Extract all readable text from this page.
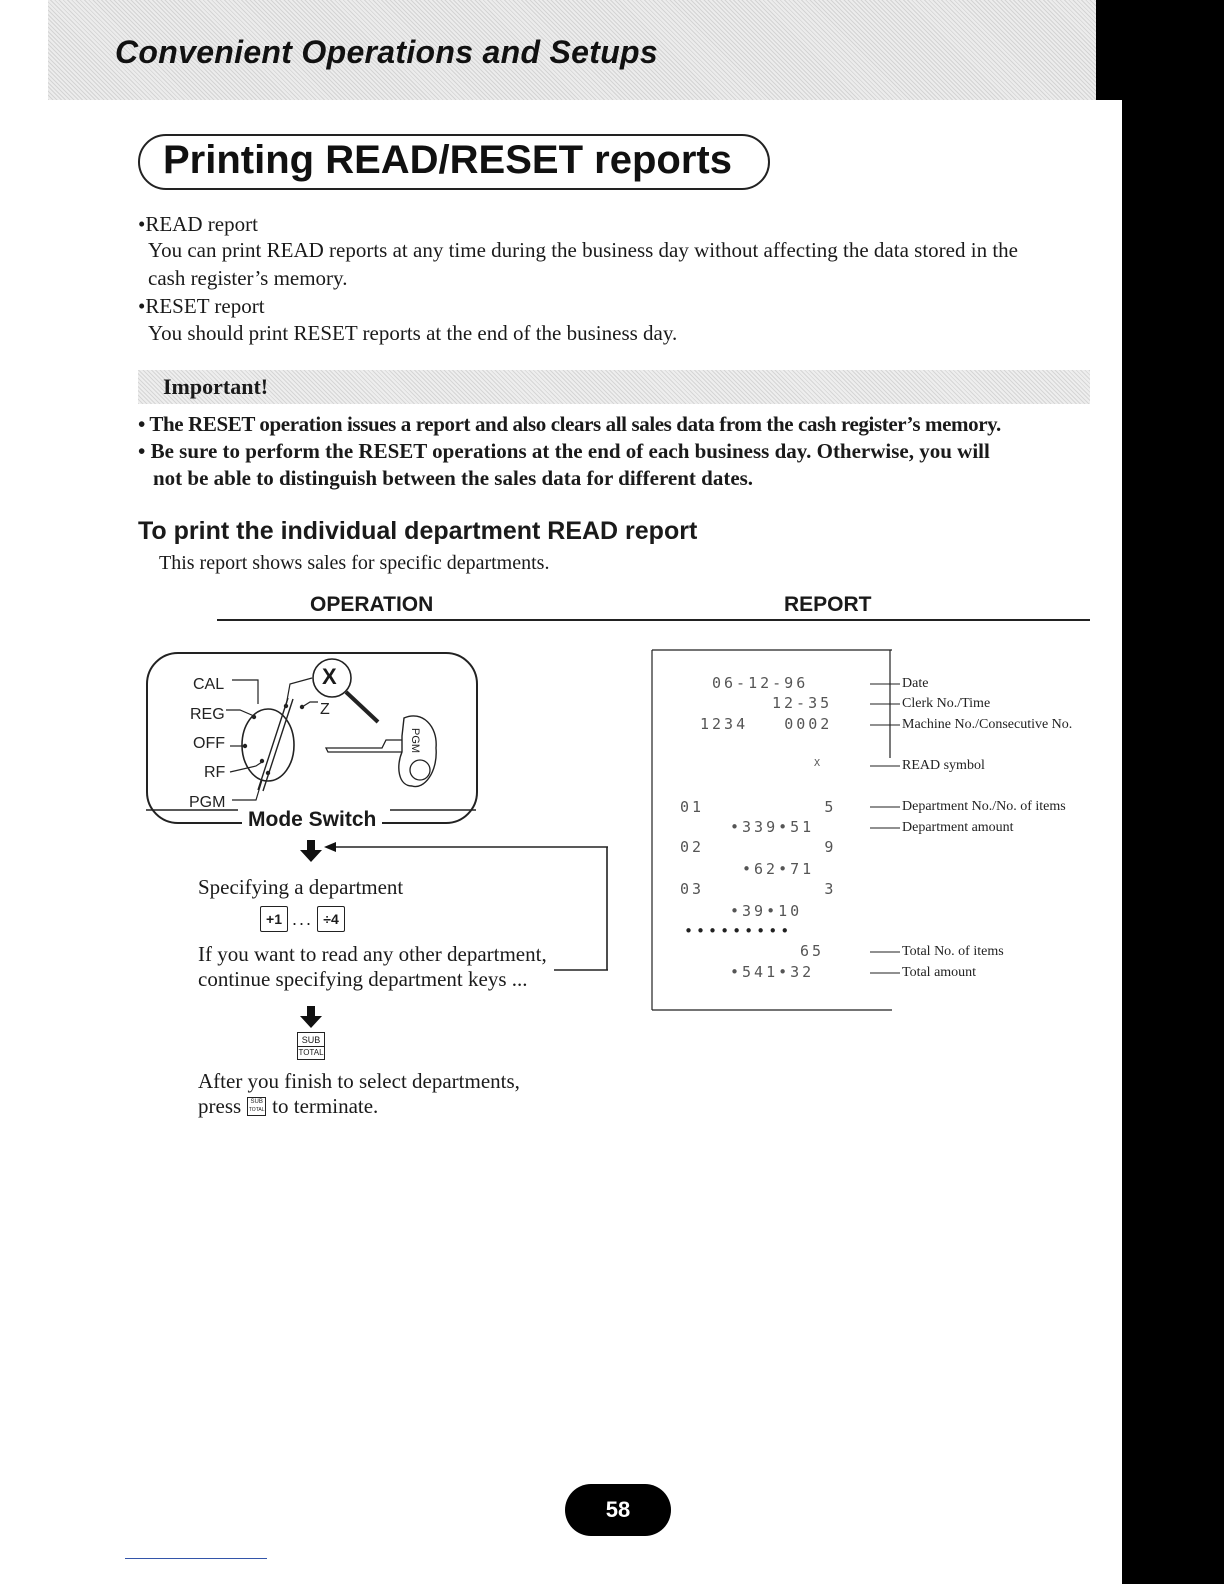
Convenient Operations and Setups
Printing READ/RESET reports
•READ report
You can print READ reports at any time during the business day without affecting the data stored in the
cash register’s memory.
•RESET report
You should print RESET reports at the end of the business day.
Important!
• The RESET operation issues a report and also clears all sales data from the cash register’s memory.
• Be sure to perform the RESET operations at the end of each business day. Otherwise, you will
not be able to distinguish between the sales data for different dates.
To print the individual department READ report
This report shows sales for specific departments.
OPERATION	REPORT
PGM
CAL
REG
OFF
RF
PGM
X
Z
Mode Switch
Specifying a department
+1 ... ÷4
If you want to read any other department,
continue specifying department keys ...
SUB
TOTAL
After you finish to select departments,
press	SUB
TOTAL to terminate.
06-12-96
12-35
1234   0002
X
01          5
•339•51
02          9
•62•71
03          3
•39•10
•••••••••
65
•541•32
Date
Clerk No./Time
Machine No./Consecutive No.
READ symbol
Department No./No. of items
Department amount
Total No. of items
Total amount
58
